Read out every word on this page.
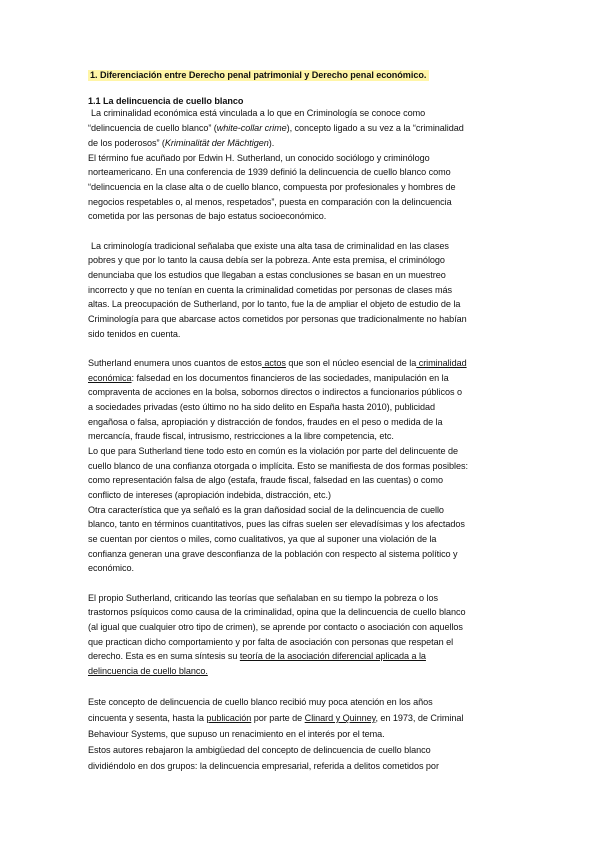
1. Diferenciación entre Derecho penal patrimonial y Derecho penal económico.
1.1 La delincuencia de cuello blanco
La criminalidad económica está vinculada a lo que en Criminología se conoce como
“delincuencia de cuello blanco” (white-collar crime), concepto ligado a su vez a la “criminalidad
de los poderosos” (Kriminalität der Mächtigen).
El término fue acuñado por Edwin H. Sutherland, un conocido sociólogo y criminólogo
norteamericano. En una conferencia de 1939 definió la delincuencia de cuello blanco como
“delincuencia en la clase alta o de cuello blanco, compuesta por profesionales y hombres de
negocios respetables o, al menos, respetados”, puesta en comparación con la delincuencia
cometida por las personas de bajo estatus socioeconómico.
La criminología tradicional señalaba que existe una alta tasa de criminalidad en las clases
pobres y que por lo tanto la causa debía ser la pobreza. Ante esta premisa, el criminólogo
denunciaba que los estudios que llegaban a estas conclusiones se basan en un muestreo
incorrecto y que no tenían en cuenta la criminalidad cometidas por personas de clases más
altas. La preocupación de Sutherland, por lo tanto, fue la de ampliar el objeto de estudio de la
Criminología para que abarcase actos cometidos por personas que tradicionalmente no habían
sido tenidos en cuenta.
Sutherland enumera unos cuantos de estos actos que son el núcleo esencial de la criminalidad
económica: falsedad en los documentos financieros de las sociedades, manipulación en la
compraventa de acciones en la bolsa, sobornos directos o indirectos a funcionarios públicos o
a sociedades privadas (esto último no ha sido delito en España hasta 2010), publicidad
engañosa o falsa, apropiación y distracción de fondos, fraudes en el peso o medida de la
mercancía, fraude fiscal, intrusismo, restricciones a la libre competencia, etc.
Lo que para Sutherland tiene todo esto en común es la violación por parte del delincuente de
cuello blanco de una confianza otorgada o implícita. Esto se manifiesta de dos formas posibles:
como representación falsa de algo (estafa, fraude fiscal, falsedad en las cuentas) o como
conflicto de intereses (apropiación indebida, distracción, etc.)
Otra característica que ya señaló es la gran dañosidad social de la delincuencia de cuello
blanco, tanto en términos cuantitativos, pues las cifras suelen ser elevadísimas y los afectados
se cuentan por cientos o miles, como cualitativos, ya que al suponer una violación de la
confianza generan una grave desconfianza de la población con respecto al sistema político y
económico.
El propio Sutherland, criticando las teorías que señalaban en su tiempo la pobreza o los
trastornos psíquicos como causa de la criminalidad, opina que la delincuencia de cuello blanco
(al igual que cualquier otro tipo de crimen), se aprende por contacto o asociación con aquellos
que practican dicho comportamiento y por falta de asociación con personas que respetan el
derecho. Esta es en suma síntesis su teoría de la asociación diferencial aplicada a la
delincuencia de cuello blanco.
Este concepto de delincuencia de cuello blanco recibió muy poca atención en los años
cincuenta y sesenta, hasta la publicación por parte de Clinard y Quinney, en 1973, de Criminal
Behaviour Systems, que supuso un renacimiento en el interés por el tema.
Estos autores rebajaron la ambigüedad del concepto de delincuencia de cuello blanco
dividiéndolo en dos grupos: la delincuencia empresarial, referida a delitos cometidos por
